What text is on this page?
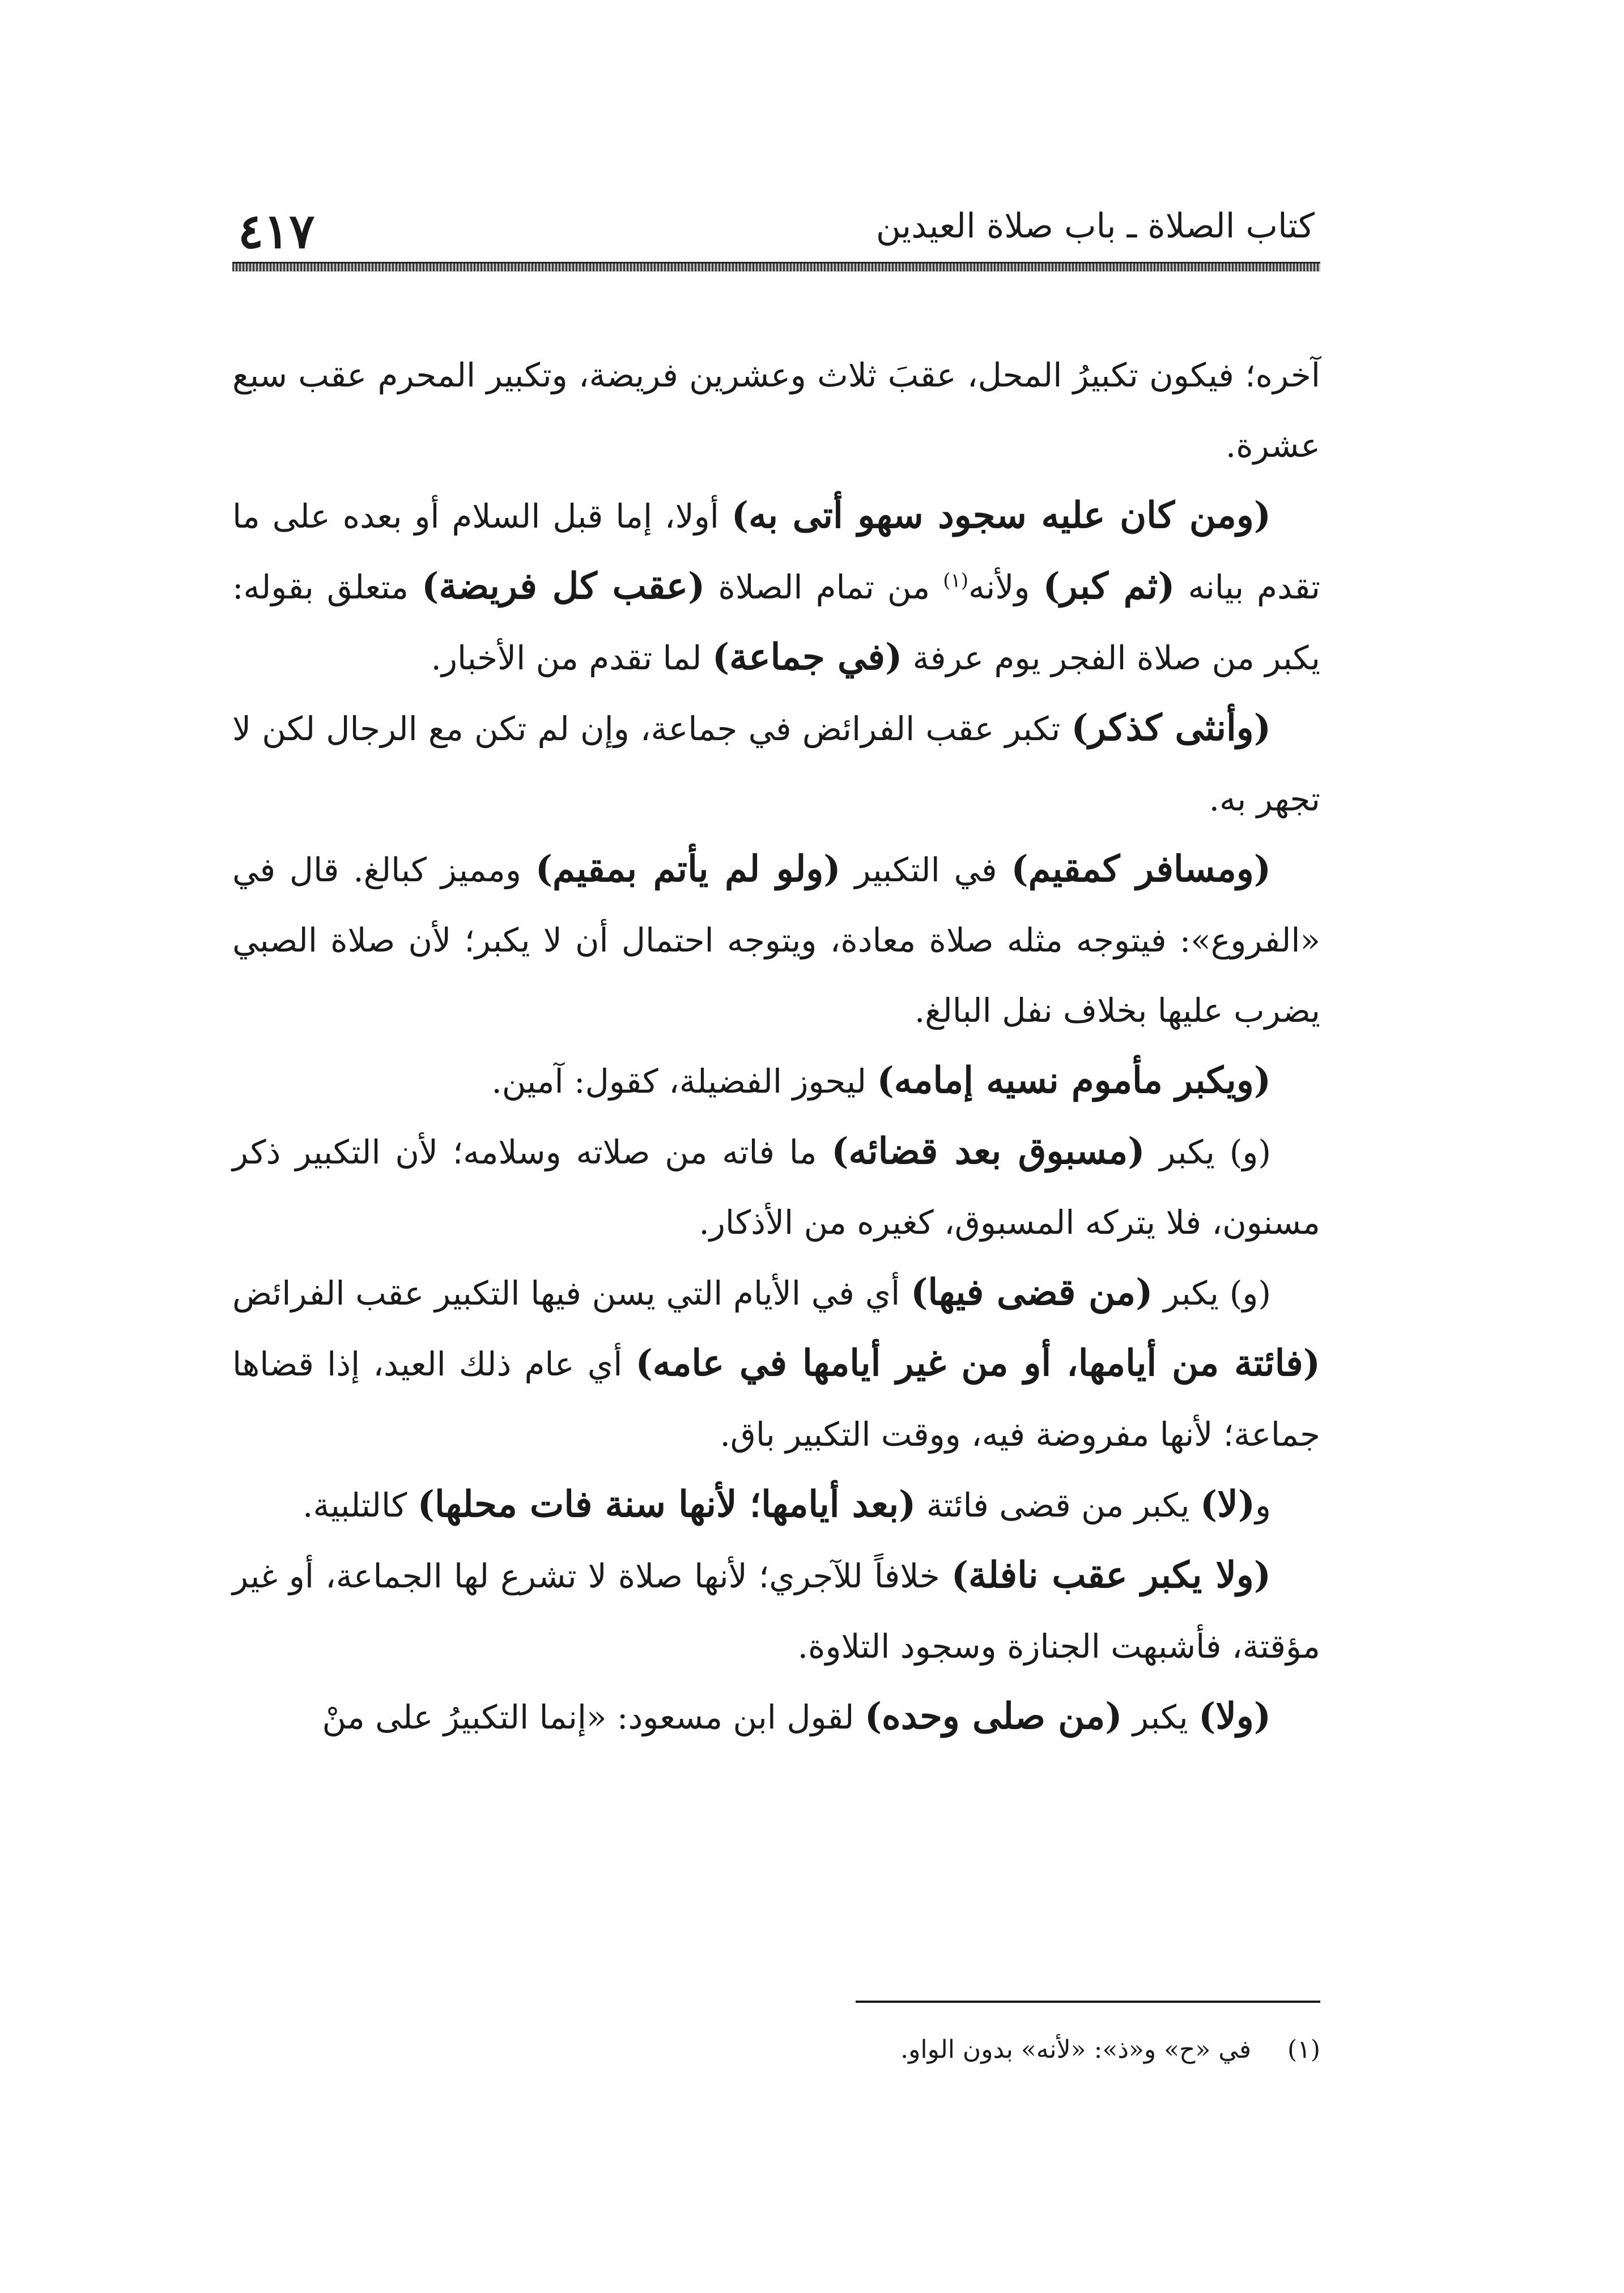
٤١٧	كتاب الصلاة ـ باب صلاة العيدين

آخره؛ فيكون تكبيرُ المحل، عقبَ ثلاث وعشرين فريضة، وتكبير المحرم عقب سبع عشرة.

  (ومن كان عليه سجود سهو أتى به) أولا، إما قبل السلام أو بعده على ما تقدم بيانه (ثم كبر) ولأنه$^{(١)}$ من تمام الصلاة (عقب كل فريضة) متعلق بقوله: يكبر من صلاة الفجر يوم عرفة (في جماعة) لما تقدم من الأخبار.

  (وأنثى كذكر) تكبر عقب الفرائض في جماعة، وإن لم تكن مع الرجال لكن لا تجهر به.

  (ومسافر كمقيم) في التكبير (ولو لم يأتم بمقيم) ومميز كبالغ. قال في «الفروع»: فيتوجه مثله صلاة معادة، ويتوجه احتمال أن لا يكبر؛ لأن صلاة الصبي يضرب عليها بخلاف نفل البالغ.

  (ويكبر مأموم نسيه إمامه) ليحوز الفضيلة، كقول: آمين.

  (و) يكبر (مسبوق بعد قضائه) ما فاته من صلاته وسلامه؛ لأن التكبير ذكر مسنون، فلا يتركه المسبوق، كغيره من الأذكار.

  (و) يكبر (من قضى فيها) أي في الأيام التي يسن فيها التكبير عقب الفرائض (فائتة من أيامها، أو من غير أيامها في عامه) أي عام ذلك العيد، إذا قضاها جماعة؛ لأنها مفروضة فيه، ووقت التكبير باق.

  و(لا) يكبر من قضى فائتة (بعد أيامها؛ لأنها سنة فات محلها) كالتلبية.

  (ولا يكبر عقب نافلة) خلافاً للآجري؛ لأنها صلاة لا تشرع لها الجماعة، أو غير مؤقتة، فأشبهت الجنازة وسجود التلاوة.

  (ولا) يكبر (من صلى وحده) لقول ابن مسعود: «إنما التكبيرُ على منْ

(١)في «ح» و«ذ»: «لأنه» بدون الواو.
